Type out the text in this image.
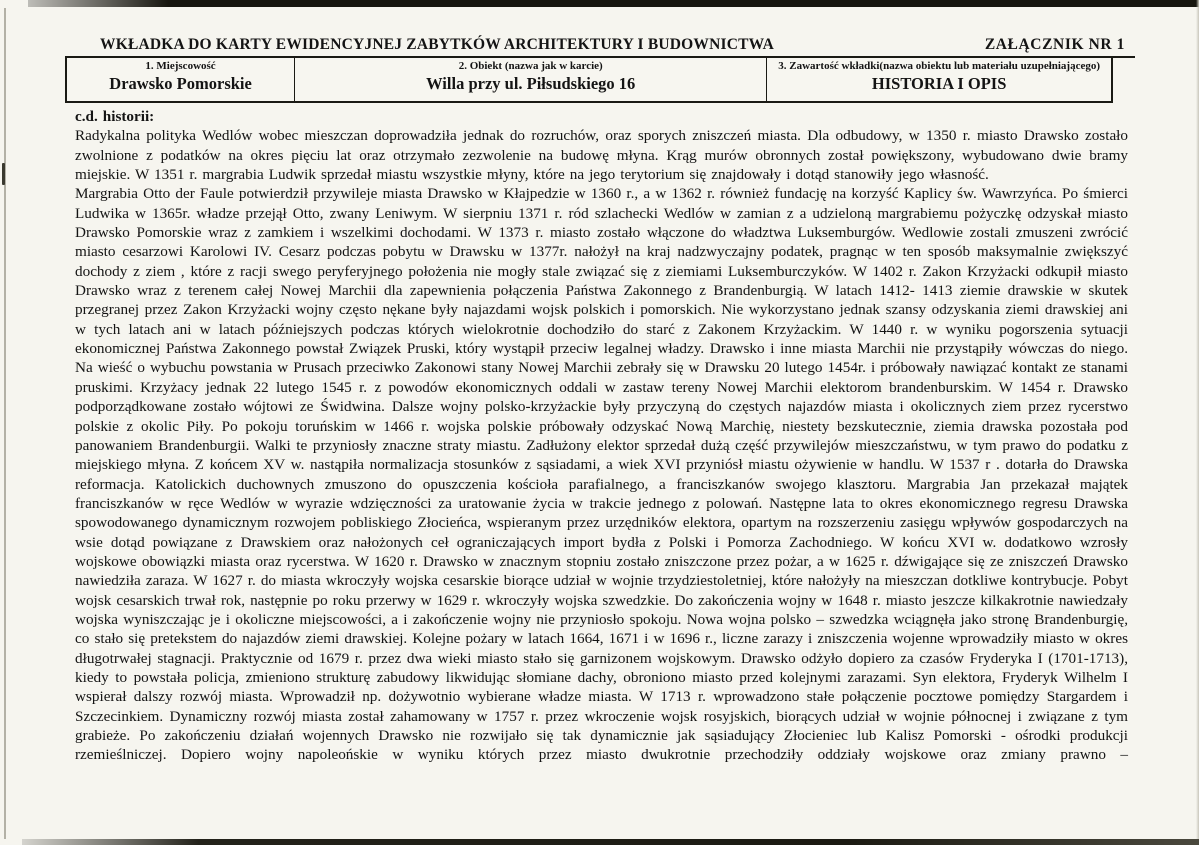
WKŁADKA DO KARTY EWIDENCYJNEJ ZABYTKÓW ARCHITEKTURY I BUDOWNICTWA	ZAŁĄCZNIK NR 1
1. Miejscowość
Drawsko Pomorskie
2. Obiekt (nazwa jak w karcie)
Willa przy ul. Piłsudskiego 16
3. Zawartość wkładki(nazwa obiektu lub materiału uzupełniającego)
HISTORIA I OPIS
c.d. historii:

Radykalna polityka Wedlów wobec mieszczan doprowadziła jednak do rozruchów, oraz sporych zniszczeń miasta. Dla odbudowy, w 1350 r. miasto Drawsko zostało zwolnione z podatków na okres pięciu lat oraz otrzymało zezwolenie na budowę młyna. Krąg murów obronnych został powiększony, wybudowano dwie bramy miejskie. W 1351 r. margrabia Ludwik sprzedał miastu wszystkie młyny, które na jego terytorium się znajdowały i dotąd stanowiły jego własność.

Margrabia Otto der Faule potwierdził przywileje miasta Drawsko w Kłajpedzie w 1360 r., a w 1362 r. również fundację na korzyść Kaplicy św. Wawrzyńca. Po śmierci Ludwika w 1365r. władze przejął Otto, zwany Leniwym. W sierpniu 1371 r. ród szlachecki Wedlów w zamian z a udzieloną margrabiemu pożyczkę odzyskał miasto Drawsko Pomorskie wraz z zamkiem i wszelkimi dochodami. W 1373 r. miasto zostało włączone do władztwa Luksemburgów. Wedlowie zostali zmuszeni zwrócić miasto cesarzowi Karolowi IV. Cesarz podczas pobytu w Drawsku w 1377r. nałożył na kraj nadzwyczajny podatek, pragnąc w ten sposób maksymalnie zwiększyć dochody z ziem , które z racji swego peryferyjnego położenia nie mogły stale związać się z ziemiami Luksemburczyków. W 1402 r. Zakon Krzyżacki odkupił miasto Drawsko wraz z terenem całej Nowej Marchii dla zapewnienia połączenia Państwa Zakonnego z Brandenburgią. W latach 1412- 1413 ziemie drawskie w skutek przegranej przez Zakon Krzyżacki wojny często nękane były najazdami wojsk polskich i pomorskich. Nie wykorzystano jednak szansy odzyskania ziemi drawskiej ani w tych latach ani w latach późniejszych podczas których wielokrotnie dochodziło do starć z Zakonem Krzyżackim. W 1440 r. w wyniku pogorszenia sytuacji ekonomicznej Państwa Zakonnego powstał Związek Pruski, który wystąpił przeciw legalnej władzy. Drawsko i inne miasta Marchii nie przystąpiły wówczas do niego. Na wieść o wybuchu powstania w Prusach przeciwko Zakonowi stany Nowej Marchii zebrały się w Drawsku 20 lutego 1454r. i próbowały nawiązać kontakt ze stanami pruskimi. Krzyżacy jednak 22 lutego 1545 r. z powodów ekonomicznych oddali w zastaw tereny Nowej Marchii elektorom brandenburskim. W 1454 r. Drawsko podporządkowane zostało wójtowi ze Świdwina. Dalsze wojny polsko-krzyżackie były przyczyną do częstych najazdów miasta i okolicznych ziem przez rycerstwo polskie z okolic Piły. Po pokoju toruńskim w 1466 r. wojska polskie próbowały odzyskać Nową Marchię, niestety bezskutecznie, ziemia drawska pozostała pod panowaniem Brandenburgii. Walki te przyniosły znaczne straty miastu. Zadłużony elektor sprzedał dużą część przywilejów mieszczaństwu, w tym prawo do podatku z miejskiego młyna. Z końcem XV w. nastąpiła normalizacja stosunków z sąsiadami, a wiek XVI przyniósł miastu ożywienie w handlu. W 1537 r . dotarła do Drawska reformacja. Katolickich duchownych zmuszono do opuszczenia kościoła parafialnego, a franciszkanów swojego klasztoru. Margrabia Jan przekazał majątek franciszkanów w ręce Wedlów w wyrazie wdzięczności za uratowanie życia w trakcie jednego z polowań. Następne lata to okres ekonomicznego regresu Drawska spowodowanego dynamicznym rozwojem pobliskiego Złocieńca, wspieranym przez urzędników elektora, opartym na rozszerzeniu zasięgu wpływów gospodarczych na wsie dotąd powiązane z Drawskiem oraz nałożonych ceł ograniczających import bydła z Polski i Pomorza Zachodniego. W końcu XVI w. dodatkowo wzrosły wojskowe obowiązki miasta oraz rycerstwa. W 1620 r. Drawsko w znacznym stopniu zostało zniszczone przez pożar, a w 1625 r. dźwigające się ze zniszczeń Drawsko nawiedziła zaraza. W 1627 r. do miasta wkroczyły wojska cesarskie biorące udział w wojnie trzydziestoletniej, które nałożyły na mieszczan dotkliwe kontrybucje. Pobyt wojsk cesarskich trwał rok, następnie po roku przerwy w 1629 r. wkroczyły wojska szwedzkie. Do zakończenia wojny w 1648 r. miasto jeszcze kilkakrotnie nawiedzały wojska wyniszczając je i okoliczne miejscowości, a i zakończenie wojny nie przyniosło spokoju. Nowa wojna polsko – szwedzka wciągnęła jako stronę Brandenburgię, co stało się pretekstem do najazdów ziemi drawskiej. Kolejne pożary w latach 1664, 1671 i w 1696 r., liczne zarazy i zniszczenia wojenne wprowadziły miasto w okres długotrwałej stagnacji. Praktycznie od 1679 r. przez dwa wieki miasto stało się garnizonem wojskowym. Drawsko odżyło dopiero za czasów Fryderyka I (1701-1713), kiedy to powstała policja, zmieniono strukturę zabudowy likwidując słomiane dachy, obroniono miasto przed kolejnymi zarazami. Syn elektora, Fryderyk Wilhelm I wspierał dalszy rozwój miasta. Wprowadził np. dożywotnio wybierane władze miasta. W 1713 r. wprowadzono stałe połączenie pocztowe pomiędzy Stargardem i Szczecinkiem. Dynamiczny rozwój miasta został zahamowany w 1757 r. przez wkroczenie wojsk rosyjskich, biorących udział w wojnie północnej i związane z tym grabieże. Po zakończeniu działań wojennych Drawsko nie rozwijało się tak dynamicznie jak sąsiadujący Złocieniec lub Kalisz Pomorski - ośrodki produkcji rzemieślniczej. Dopiero wojny napoleońskie w wyniku których przez miasto dwukrotnie przechodziły oddziały wojskowe oraz zmiany prawno –
